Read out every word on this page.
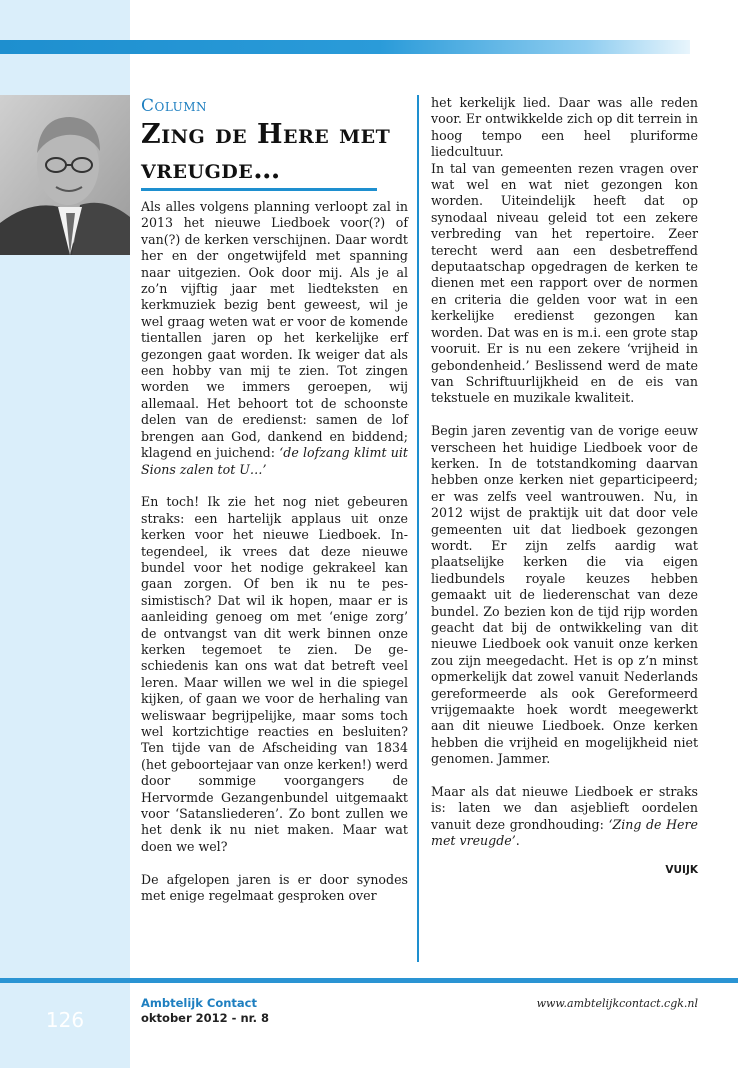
Column
Zing de Here met vreugde…

Als alles volgens planning verloopt zal in 2013 het nieuwe Liedboek voor(?) of van(?) de kerken verschijnen. Daar wordt her en der ongetwijfeld met spanning naar uitgezien. Ook door mij. Als je al zo’n vijftig jaar met liedteksten en kerkmuziek bezig bent geweest, wil je wel graag weten wat er voor de komende tientallen jaren op het kerkelijke erf gezongen gaat worden. Ik weiger dat als een hobby van mij te zien. Tot zingen worden we immers geroepen, wij allemaal. Het behoort tot de schoonste delen van de eredienst: samen de lof brengen aan God, dankend en biddend; klagend en juichend: ‘de lofzang klimt uit Sions zalen tot U…’

En toch! Ik zie het nog niet gebeuren straks: een hartelijk applaus uit onze kerken voor het nieuwe Liedboek. Integendeel, ik vrees dat deze nieuwe bundel voor het nodige gekrakeel kan gaan zorgen. Of ben ik nu te pessimistisch? Dat wil ik hopen, maar er is aanleiding genoeg om met ‘enige zorg’ de ontvangst van dit werk binnen onze kerken tegemoet te zien. De geschiedenis kan ons wat dat betreft veel leren. Maar willen we wel in die spiegel kijken, of gaan we voor de herhaling van weliswaar begrijpelijke, maar soms toch wel kortzichtige reacties en besluiten? Ten tijde van de Afscheiding van 1834 (het geboortejaar van onze kerken!) werd door sommige voorgangers de Hervormde Gezangenbundel uitgemaakt voor ‘Satansliederen’. Zo bont zullen we het denk ik nu niet maken. Maar wat doen we wel?

De afgelopen jaren is er door synodes met enige regelmaat gesproken over

het kerkelijk lied. Daar was alle reden voor. Er ontwikkelde zich op dit terrein in hoog tempo een heel pluriforme liedcultuur.

In tal van gemeenten rezen vragen over wat wel en wat niet gezongen kon worden. Uiteindelijk heeft dat op synodaal niveau geleid tot een zekere verbreding van het repertoire. Zeer terecht werd aan een desbetreffend deputaatschap opgedragen de kerken te dienen met een rapport over de normen en criteria die gelden voor wat in een kerkelijke eredienst gezongen kan worden. Dat was en is m.i. een grote stap vooruit. Er is nu een zekere ‘vrijheid in gebondenheid.’ Beslissend werd de mate van Schriftuurlijkheid en de eis van tekstuele en muzikale kwaliteit.

Begin jaren zeventig van de vorige eeuw verscheen het huidige Liedboek voor de kerken. In de totstandkoming daarvan hebben onze kerken niet geparticipeerd; er was zelfs veel wantrouwen. Nu, in 2012 wijst de praktijk uit dat door vele gemeenten uit dat liedboek gezongen wordt. Er zijn zelfs aardig wat plaatselijke kerken die via eigen liedbundels royale keuzes hebben gemaakt uit de liederenschat van deze bundel. Zo bezien kon de tijd rijp worden geacht dat bij de ontwikkeling van dit nieuwe Liedboek ook vanuit onze kerken zou zijn meegedacht. Het is op z’n minst opmerkelijk dat zowel vanuit Nederlands gereformeerde als ook Gereformeerd vrijgemaakte hoek wordt meegewerkt aan dit nieuwe Liedboek. Onze kerken hebben die vrijheid en mogelijkheid niet genomen. Jammer.

Maar als dat nieuwe Liedboek er straks is: laten we dan asjeblieft oordelen vanuit deze grondhouding: ‘Zing de Here met vreugde’.

VUIJK
126
Ambtelijk Contact
oktober 2012 - nr. 8
www.ambtelijkcontact.cgk.nl
